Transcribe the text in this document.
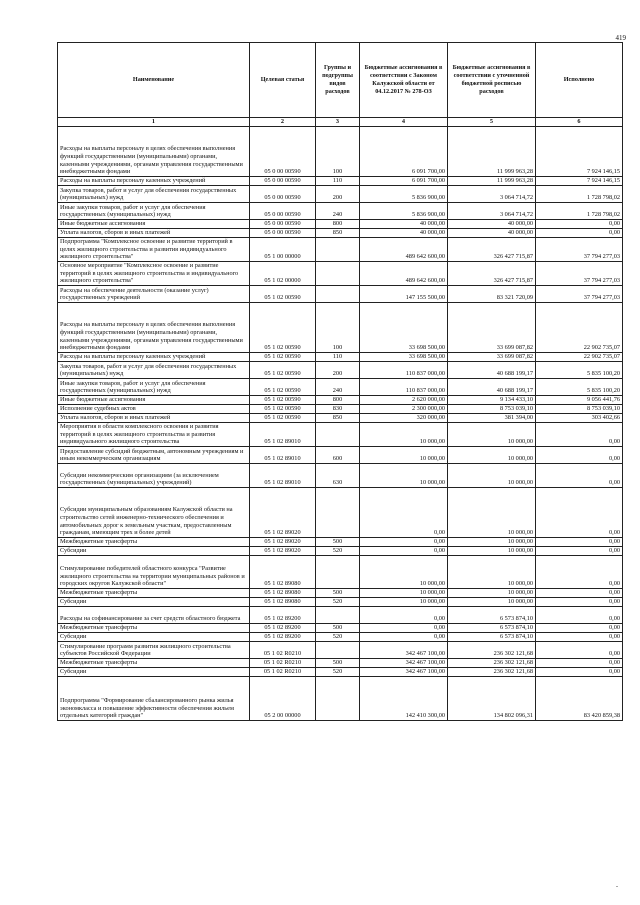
419
Наименование	Целевая статья	Группы и подгруппы видов расходов	Бюджетные ассигнования в соответствии с Законом Калужской области от 04.12.2017 № 278-ОЗ	Бюджетные ассигнования в соответствии с уточненной бюджетной росписью расходов	Исполнено
1	2	3	4	5	6
Расходы на выплаты персоналу в целях обеспечения выполнения функций государственными (муниципальными) органами, казенными учреждениями, органами управления государственными внебюджетными фондами	05 0 00 00590	100	6 091 700,00	11 999 963,28	7 924 146,15
Расходы на выплаты персоналу казенных учреждений	05 0 00 00590	110	6 091 700,00	11 999 963,28	7 924 146,15
Закупка товаров, работ и услуг для обеспечения государственных (муниципальных) нужд	05 0 00 00590	200	5 836 900,00	3 064 714,72	1 728 798,02
Иные закупки товаров, работ и услуг для обеспечения государственных (муниципальных) нужд	05 0 00 00590	240	5 836 900,00	3 064 714,72	1 728 798,02
Иные бюджетные ассигнования	05 0 00 00590	800	40 000,00	40 000,00	0,00
Уплата налогов, сборов и иных платежей	05 0 00 00590	850	40 000,00	40 000,00	0,00
Подпрограмма "Комплексное освоение и развитие территорий в целях жилищного строительства и развития индивидуального жилищного строительства"	05 1 00 00000		489 642 600,00	326 427 715,87	37 794 277,03
Основное мероприятие "Комплексное освоение и развитие территорий в целях жилищного строительства и индивидуального жилищного строительства"	05 1 02 00000		489 642 600,00	326 427 715,87	37 794 277,03
Расходы на обеспечение деятельности (оказание услуг) государственных учреждений	05 1 02 00590		147 155 500,00	83 321 720,09	37 794 277,03
Расходы на выплаты персоналу в целях обеспечения выполнения функций государственными (муниципальными) органами, казенными учреждениями, органами управления государственными внебюджетными фондами	05 1 02 00590	100	33 698 500,00	33 699 087,82	22 902 735,07
Расходы на выплаты персоналу казенных учреждений	05 1 02 00590	110	33 698 500,00	33 699 087,82	22 902 735,07
Закупка товаров, работ и услуг для обеспечения государственных (муниципальных) нужд	05 1 02 00590	200	110 837 000,00	40 688 199,17	5 835 100,20
Иные закупки товаров, работ и услуг для обеспечения государственных (муниципальных) нужд	05 1 02 00590	240	110 837 000,00	40 688 199,17	5 835 100,20
Иные бюджетные ассигнования	05 1 02 00590	800	2 620 000,00	9 134 433,10	9 056 441,76
Исполнение судебных актов	05 1 02 00590	830	2 300 000,00	8 753 039,10	8 753 039,10
Уплата налогов, сборов и иных платежей	05 1 02 00590	850	320 000,00	381 394,00	303 402,66
Мероприятия в области комплексного освоения и развития территорий в целях жилищного строительства и развития индивидуального жилищного строительства	05 1 02 89010		10 000,00	10 000,00	0,00
Предоставление субсидий бюджетным, автономным учреждениям и иным некоммерческим организациям	05 1 02 89010	600	10 000,00	10 000,00	0,00
Субсидии некоммерческим организациям (за исключением государственных (муниципальных) учреждений)	05 1 02 89010	630	10 000,00	10 000,00	0,00
Субсидии муниципальным образованиям Калужской области на строительство сетей инженерно-технического обеспечения и автомобильных дорог к земельным участкам, предоставленным гражданам, имеющим трех и более детей	05 1 02 89020		0,00	10 000,00	0,00
Межбюджетные трансферты	05 1 02 89020	500	0,00	10 000,00	0,00
Субсидии	05 1 02 89020	520	0,00	10 000,00	0,00
Стимулирование победителей областного конкурса "Развитие жилищного строительства на территории муниципальных районов и городских округов Калужской области"	05 1 02 89080		10 000,00	10 000,00	0,00
Межбюджетные трансферты	05 1 02 89080	500	10 000,00	10 000,00	0,00
Субсидии	05 1 02 89080	520	10 000,00	10 000,00	0,00
Расходы на софинансирование за счет средств областного бюджета	05 1 02 89200		0,00	6 573 874,10	0,00
Межбюджетные трансферты	05 1 02 89200	500	0,00	6 573 874,10	0,00
Субсидии	05 1 02 89200	520	0,00	6 573 874,10	0,00
Стимулирование программ развития жилищного строительства субъектов Российской Федерации	05 1 02 R0210		342 467 100,00	236 302 121,68	0,00
Межбюджетные трансферты	05 1 02 R0210	500	342 467 100,00	236 302 121,68	0,00
Субсидии	05 1 02 R0210	520	342 467 100,00	236 302 121,68	0,00
Подпрограмма "Формирование сбалансированного рынка жилья экономкласса и повышение эффективности обеспечения жильем отдельных категорий граждан"	05 2 00 00000		142 410 300,00	134 802 096,31	83 420 859,38
.
